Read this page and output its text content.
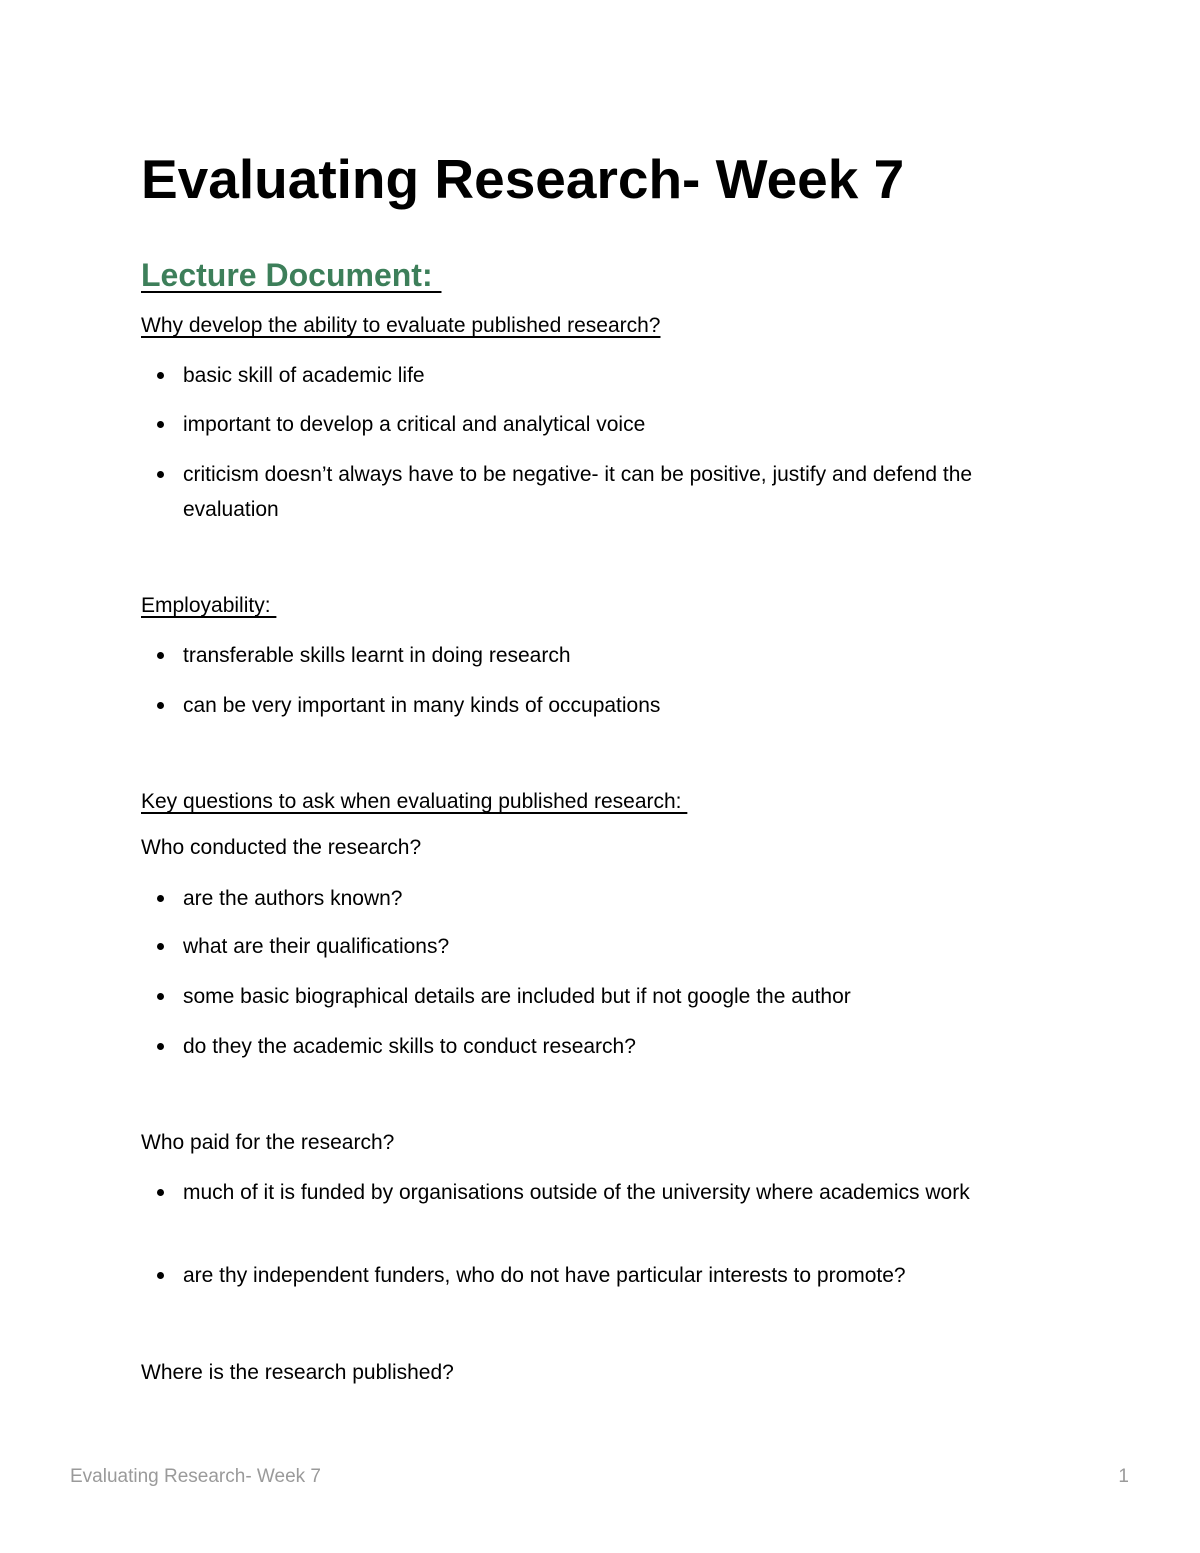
Evaluating Research- Week 7
Lecture Document:

Why develop the ability to evaluate published research?

basic skill of academic life
important to develop a critical and analytical voice
criticism doesn’t always have to be negative- it can be positive, justify and defend the evaluation

Employability:

transferable skills learnt in doing research
can be very important in many kinds of occupations

Key questions to ask when evaluating published research:

Who conducted the research?

are the authors known?
what are their qualifications?
some basic biographical details are included but if not google the author
do they the academic skills to conduct research?

Who paid for the research?

much of it is funded by organisations outside of the university where academics work
are thy independent funders, who do not have particular interests to promote?

Where is the research published?

Evaluating Research- Week 7	1
